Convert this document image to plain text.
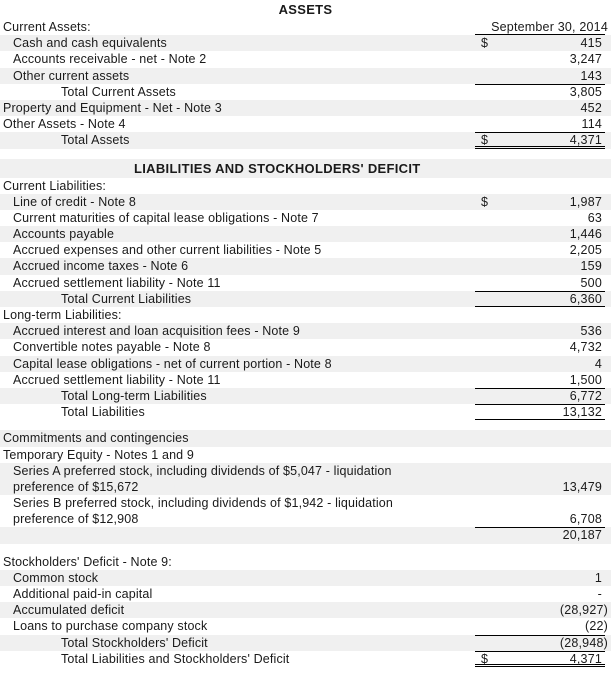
ASSETS
Current Assets:	September 30, 2014
Cash and cash equivalents	$	415
Accounts receivable - net - Note 2	3,247
Other current assets	143
Total Current Assets	3,805
Property and Equipment - Net - Note 3	452
Other Assets - Note 4	114
Total Assets	$	4,371
LIABILITIES AND STOCKHOLDERS' DEFICIT
Current Liabilities:
Line of credit - Note 8	$	1,987
Current maturities of capital lease obligations - Note 7	63
Accounts payable	1,446
Accrued expenses and other current liabilities - Note 5	2,205
Accrued income taxes - Note 6	159
Accrued settlement liability - Note 11	500
Total Current Liabilities	6,360
Long-term Liabilities:
Accrued interest and loan acquisition fees - Note 9	536
Convertible notes payable - Note 8	4,732
Capital lease obligations - net of current portion - Note 8	4
Accrued settlement liability - Note 11	1,500
Total Long-term Liabilities	6,772
Total Liabilities	13,132
Commitments and contingencies
Temporary Equity - Notes 1 and 9
Series A preferred stock, including dividends of $5,047 - liquidation preference of $15,672	13,479
Series B preferred stock, including dividends of $1,942 - liquidation preference of $12,908	6,708
20,187
Stockholders' Deficit - Note 9:
Common stock	1
Additional paid-in capital	-
Accumulated deficit	(28,927)
Loans to purchase company stock	(22)
Total Stockholders' Deficit	(28,948)
Total Liabilities and Stockholders' Deficit	$	4,371
